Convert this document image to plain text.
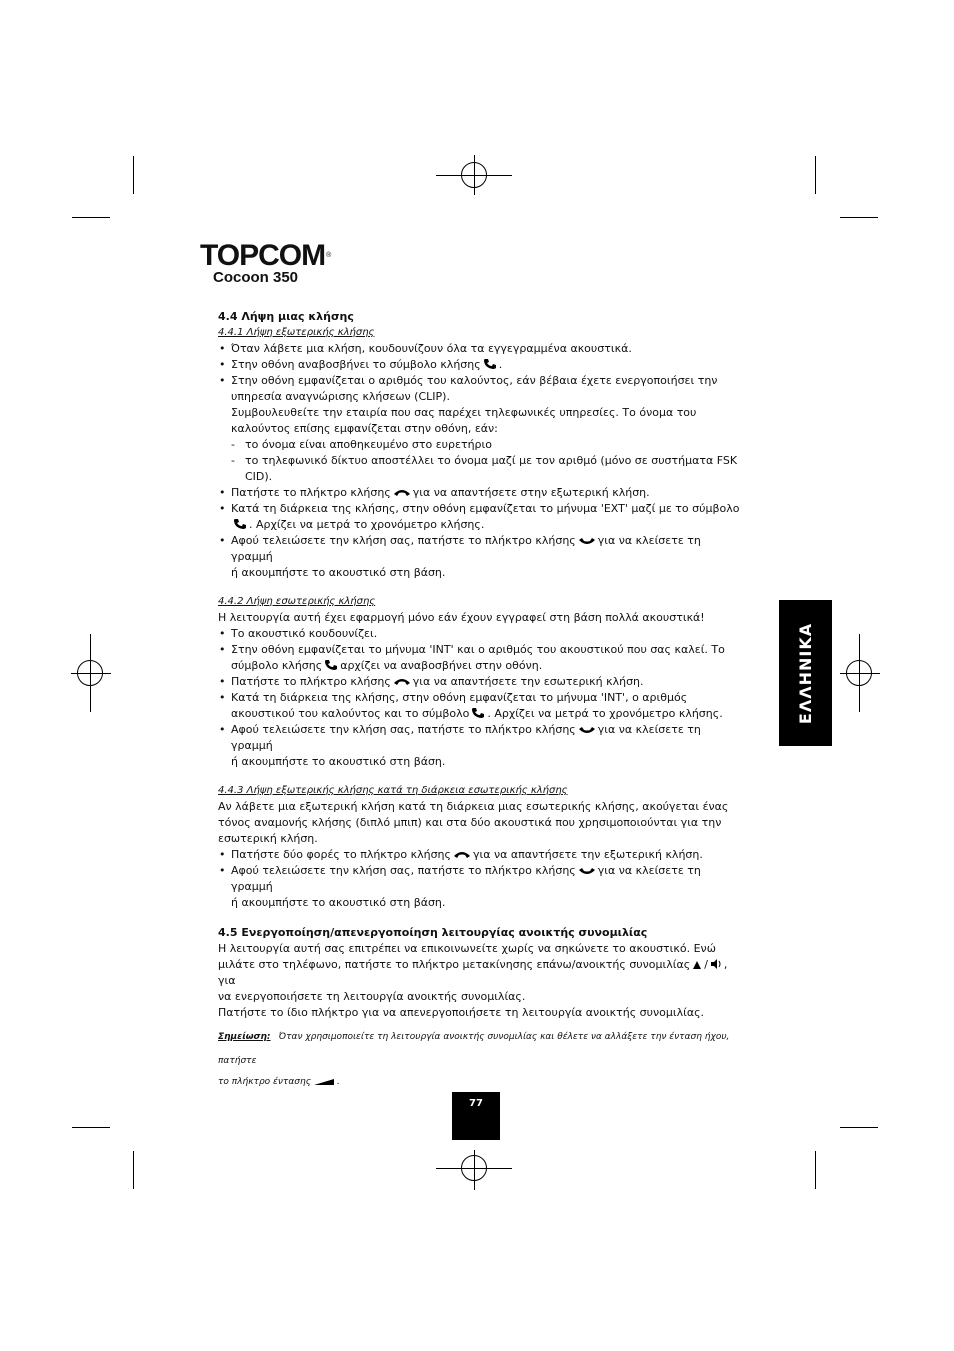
TOPCOM®
Cocoon 350

4.4 Λήψη μιας κλήσης

4.4.1 Λήψη εξωτερικής κλήσης

• Όταν λάβετε μια κλήση, κουδουνίζουν όλα τα εγγεγραμμένα ακουστικά.

• Στην οθόνη αναβοσβήνει το σύμβολο κλήσης .

• Στην οθόνη εμφανίζεται ο αριθμός του καλούντος, εάν βέβαια έχετε ενεργοποιήσει την

υπηρεσία αναγνώρισης κλήσεων (CLIP).

Συμβουλευθείτε την εταιρία που σας παρέχει τηλεφωνικές υπηρεσίες. Το όνομα του

καλούντος επίσης εμφανίζεται στην οθόνη, εάν:

- το όνομα είναι αποθηκευμένο στο ευρετήριο

- το τηλεφωνικό δίκτυο αποστέλλει το όνομα μαζί με τον αριθμό (μόνο σε συστήματα FSK

CID).

• Πατήστε το πλήκτρο κλήσης για να απαντήσετε στην εξωτερική κλήση.

• Κατά τη διάρκεια της κλήσης, στην οθόνη εμφανίζεται το μήνυμα 'EXT' μαζί με το σύμβολο

. Αρχίζει να μετρά το χρονόμετρο κλήσης.

• Αφού τελειώσετε την κλήση σας, πατήστε το πλήκτρο κλήσης για να κλείσετε τη γραμμή

ή ακουμπήστε το ακουστικό στη βάση.

4.4.2 Λήψη εσωτερικής κλήσης

Η λειτουργία αυτή έχει εφαρμογή μόνο εάν έχουν εγγραφεί στη βάση πολλά ακουστικά!

• Το ακουστικό κουδουνίζει.

• Στην οθόνη εμφανίζεται το μήνυμα 'INT' και ο αριθμός του ακουστικού που σας καλεί. Το

σύμβολο κλήσης αρχίζει να αναβοσβήνει στην οθόνη.

• Πατήστε το πλήκτρο κλήσης για να απαντήσετε την εσωτερική κλήση.

• Κατά τη διάρκεια της κλήσης, στην οθόνη εμφανίζεται το μήνυμα 'INT', ο αριθμός

ακουστικού του καλούντος και το σύμβολο . Αρχίζει να μετρά το χρονόμετρο κλήσης.

• Αφού τελειώσετε την κλήση σας, πατήστε το πλήκτρο κλήσης για να κλείσετε τη γραμμή

ή ακουμπήστε το ακουστικό στη βάση.

4.4.3 Λήψη εξωτερικής κλήσης κατά τη διάρκεια εσωτερικής κλήσης

Αν λάβετε μια εξωτερική κλήση κατά τη διάρκεια μιας εσωτερικής κλήσης, ακούγεται ένας

τόνος αναμονής κλήσης (διπλό μπιπ) και στα δύο ακουστικά που χρησιμοποιούνται για την

εσωτερική κλήση.

• Πατήστε δύο φορές το πλήκτρο κλήσης για να απαντήσετε την εξωτερική κλήση.

• Αφού τελειώσετε την κλήση σας, πατήστε το πλήκτρο κλήσης για να κλείσετε τη γραμμή

ή ακουμπήστε το ακουστικό στη βάση.

4.5 Ενεργοποίηση/απενεργοποίηση λειτουργίας ανοικτής συνομιλίας

Η λειτουργία αυτή σας επιτρέπει να επικοινωνείτε χωρίς να σηκώνετε το ακουστικό. Ενώ

μιλάτε στο τηλέφωνο, πατήστε το πλήκτρο μετακίνησης επάνω/ανοικτής συνομιλίας / , για

να ενεργοποιήσετε τη λειτουργία ανοικτής συνομιλίας.

Πατήστε το ίδιο πλήκτρο για να απενεργοποιήσετε τη λειτουργία ανοικτής συνομιλίας.

Σημείωση: Όταν χρησιμοποιείτε τη λειτουργία ανοικτής συνομιλίας και θέλετε να αλλάξετε την ένταση ήχου, πατήστε
το πλήκτρο έντασης	.
ΕΛΛΗΝΙΚΑ
77
